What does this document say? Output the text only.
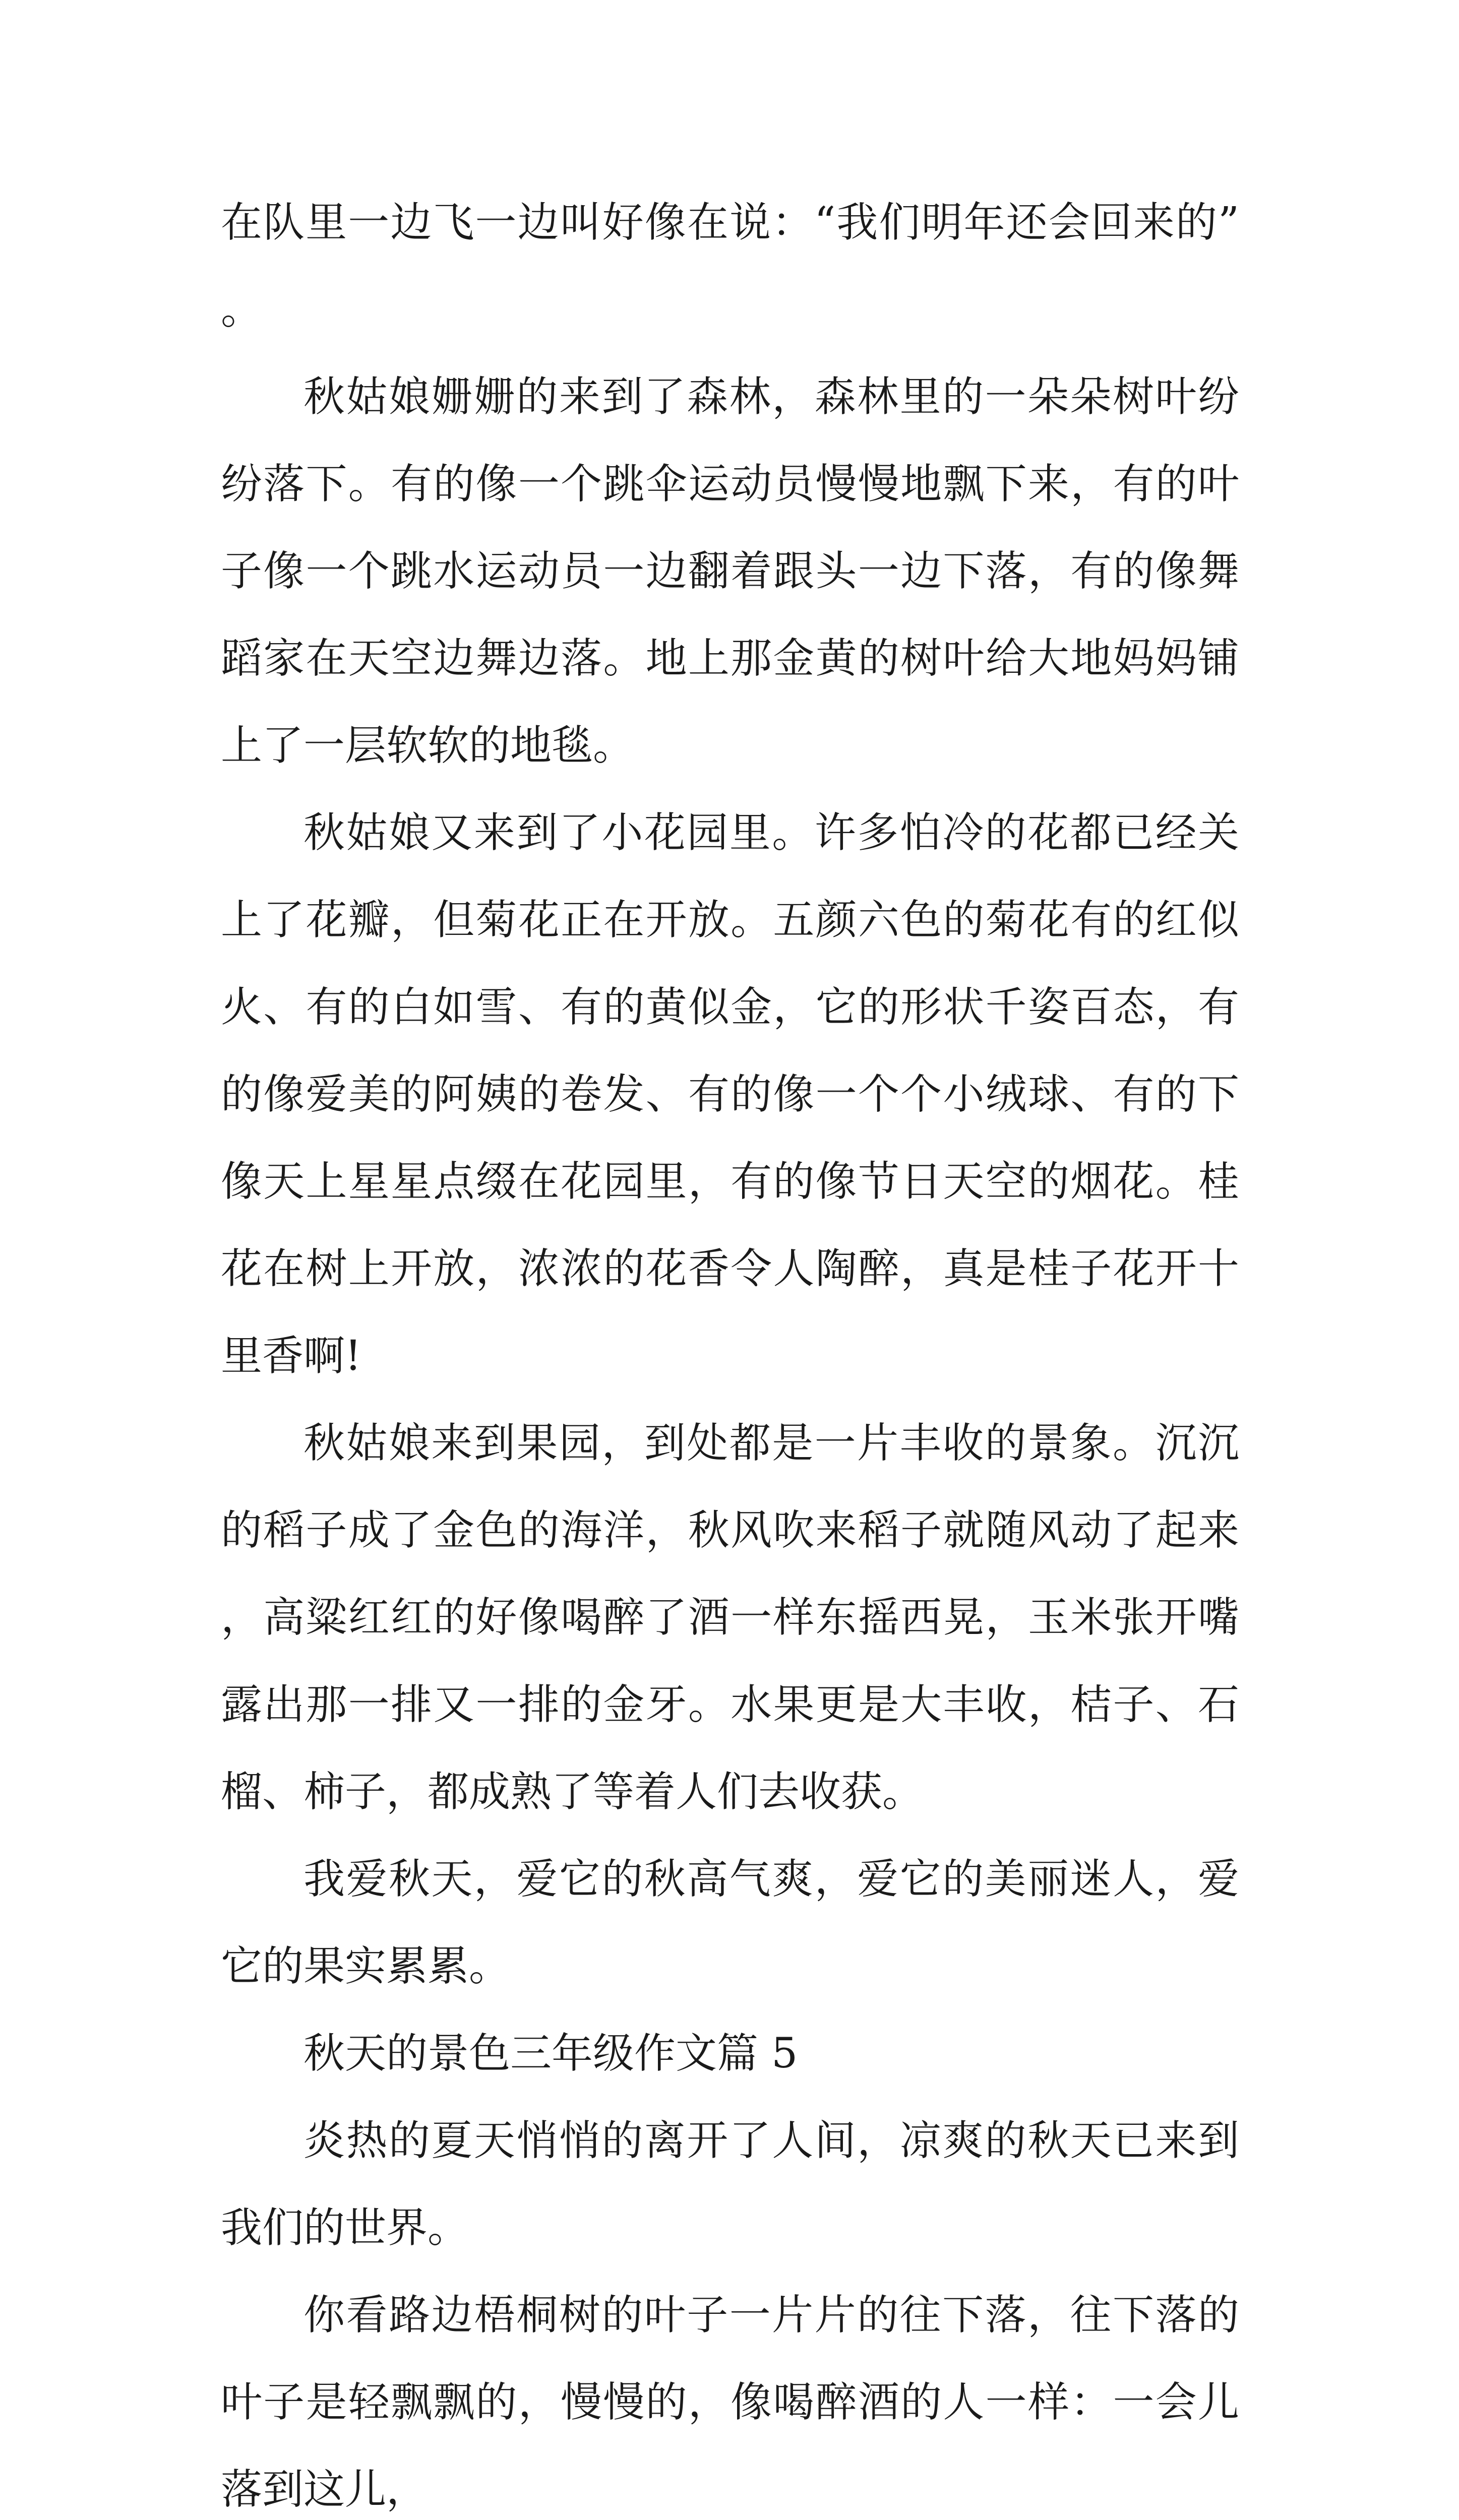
在队里一边飞一边叫好像在说：“我们明年还会回来的”。

秋姑娘姗姗的来到了森林，森林里的一朵朵树叶纷纷落下。有的像一个跳伞运动员慢慢地飘下来，有的叶子像一个跳水运动员一边翻着跟头一边下落，有的像舞蹈家在天空边舞边落。地上那金黄的树叶给大地妈妈铺上了一层软软的地毯。

秋姑娘又来到了小花园里。许多怕冷的花都已经关上了花瓣，但菊花正在开放。五颜六色的菊花有的红似火、有的白如雪、有的黄似金，它的形状千姿百态，有的像爱美的阿姨的卷发、有的像一个个小绒球、有的下像天上星星点缀在花园里，有的像节日天空的烟花。桂花在树上开放，浓浓的花香令人陶醉，真是桂子花开十里香啊!

秋姑娘来到果园，到处都是一片丰收的景象。沉沉的稻子成了金色的海洋，秋风吹来稻子就随风动了起来，高粱红红的好像喝醉了酒一样东摇西晃，玉米张开嘴露出那一排又一排的金牙。水果更是大丰收，桔子、石榴、柿子，都成熟了等着人们去收获。

我爱秋天，爱它的秋高气爽，爱它的美丽迷人，爱它的果实累累。

秋天的景色三年级作文篇 5

炎热的夏天悄悄的离开了人间，凉爽的秋天已来到我们的世界。

你看路边梧桐树的叶子一片片的往下落，往下落的叶子是轻飘飘的，慢慢的，像喝醉酒的人一样：一会儿落到这儿，
